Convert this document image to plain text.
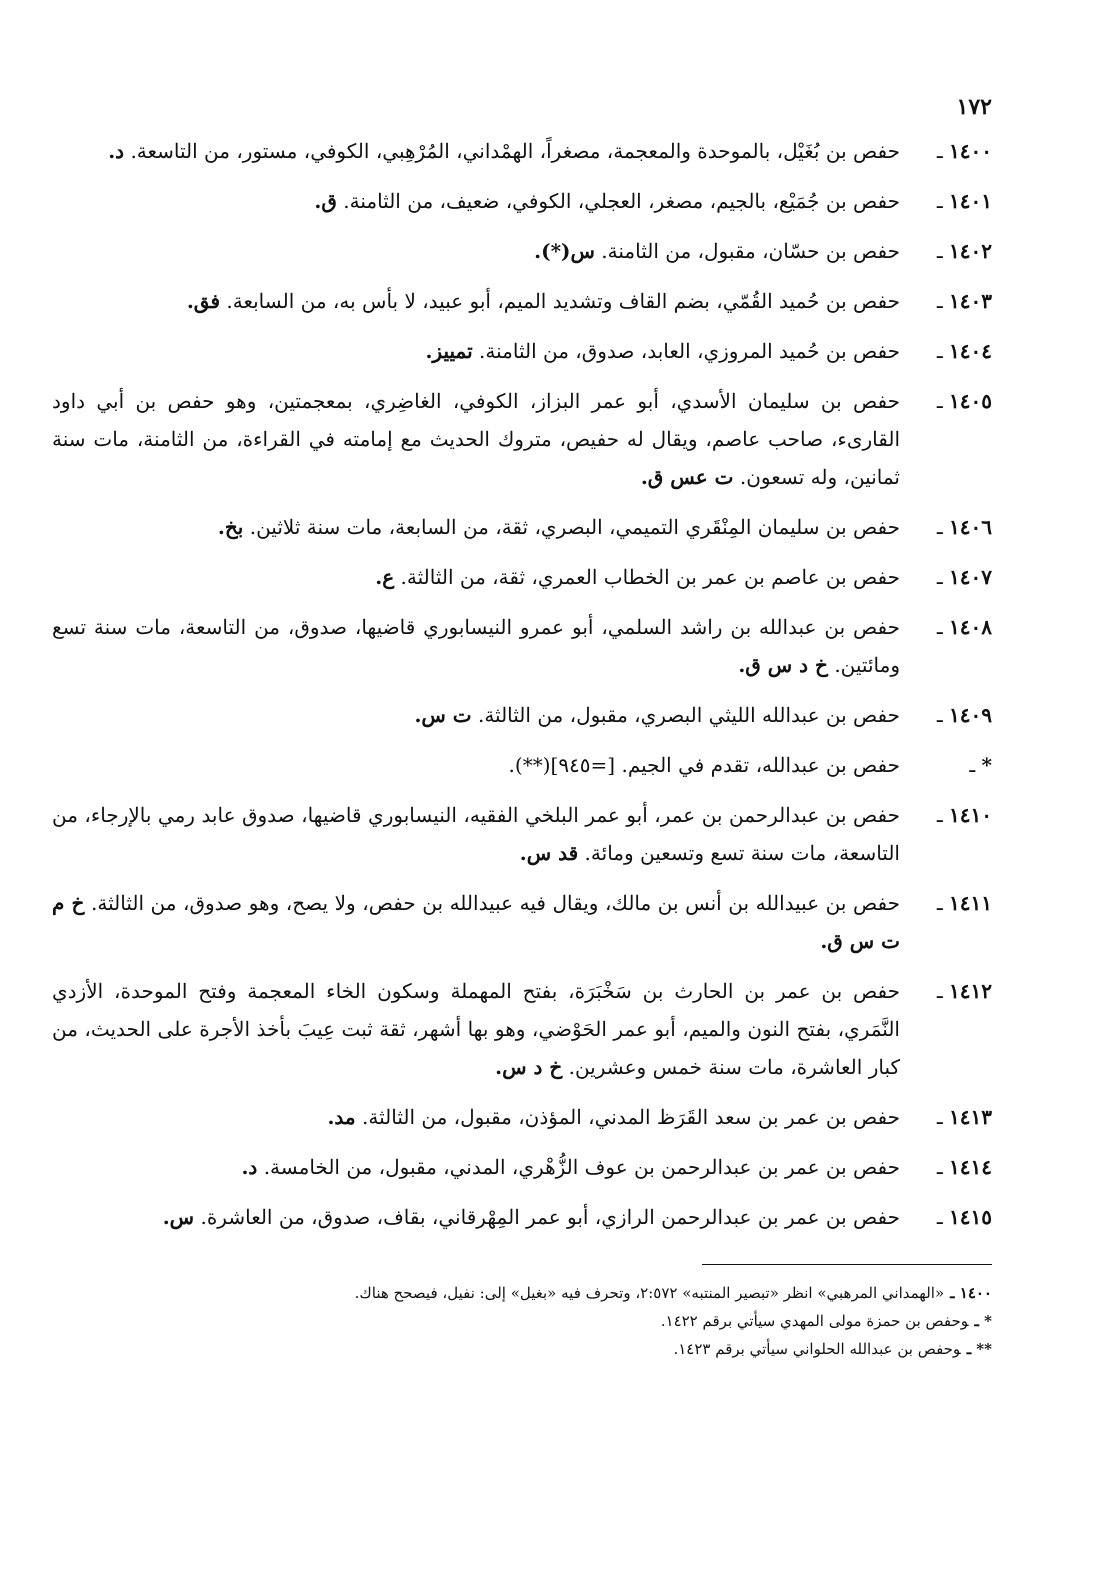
١٧٢
١٤٠٠ ـ
حفص بن بُغَيْل، بالموحدة والمعجمة، مصغراً، الهمْداني، المُرْهِبي، الكوفي، مستور، من التاسعة. د.
١٤٠١ ـ
حفص بن جُمَيْع، بالجيم، مصغر، العجلي، الكوفي، ضعيف، من الثامنة. ق.
١٤٠٢ ـ
حفص بن حسّان، مقبول، من الثامنة. س(*).
١٤٠٣ ـ
حفص بن حُميد القُمّي، بضم القاف وتشديد الميم، أبو عبيد، لا بأس به، من السابعة. فق.
١٤٠٤ ـ
حفص بن حُميد المروزي، العابد، صدوق، من الثامنة. تمييز.
١٤٠٥ ـ
حفص بن سليمان الأسدي، أبو عمر البزاز، الكوفي، الغاضِري، بمعجمتين، وهو حفص بن أبي داود القارىء، صاحب عاصم، ويقال له حفيص، متروك الحديث مع إمامته في القراءة، من الثامنة، مات سنة ثمانين، وله تسعون. ت عس ق.
١٤٠٦ ـ
حفص بن سليمان المِنْقَري التميمي، البصري، ثقة، من السابعة، مات سنة ثلاثين. بخ.
١٤٠٧ ـ
حفص بن عاصم بن عمر بن الخطاب العمري، ثقة، من الثالثة. ع.
١٤٠٨ ـ
حفص بن عبدالله بن راشد السلمي، أبو عمرو النيسابوري قاضيها، صدوق، من التاسعة، مات سنة تسع ومائتين. خ د س ق.
١٤٠٩ ـ
حفص بن عبدالله الليثي البصري، مقبول، من الثالثة. ت س.
* ـ
حفص بن عبدالله، تقدم في الجيم. [=٩٤٥](**).
١٤١٠ ـ
حفص بن عبدالرحمن بن عمر، أبو عمر البلخي الفقيه، النيسابوري قاضيها، صدوق عابد رمي بالإرجاء، من التاسعة، مات سنة تسع وتسعين ومائة. قد س.
١٤١١ ـ
حفص بن عبيدالله بن أنس بن مالك، ويقال فيه عبيدالله بن حفص، ولا يصح، وهو صدوق، من الثالثة. خ م ت س ق.
١٤١٢ ـ
حفص بن عمر بن الحارث بن سَخْبَرَة، بفتح المهملة وسكون الخاء المعجمة وفتح الموحدة، الأزدي النَّمَري، بفتح النون والميم، أبو عمر الحَوْضي، وهو بها أشهر، ثقة ثبت عِيبَ بأخذ الأجرة على الحديث، من كبار العاشرة، مات سنة خمس وعشرين. خ د س.
١٤١٣ ـ
حفص بن عمر بن سعد القَرَظ المدني، المؤذن، مقبول، من الثالثة. مد.
١٤١٤ ـ
حفص بن عمر بن عبدالرحمن بن عوف الزُّهْري، المدني، مقبول، من الخامسة. د.
١٤١٥ ـ
حفص بن عمر بن عبدالرحمن الرازي، أبو عمر المِهْرقاني، بقاف، صدوق، من العاشرة. س.
١٤٠٠ ـ«الهمداني المرهبي» انظر «تبصير المنتبه» ٢:٥٧٢، وتحرف فيه «بغيل» إلى: نفيل، فيصحح هناك.
* ـوحفص بن حمزة مولى المهدي سيأتي برقم ١٤٢٢.
** ـوحفص بن عبدالله الحلواني سيأتي برقم ١٤٢٣.
